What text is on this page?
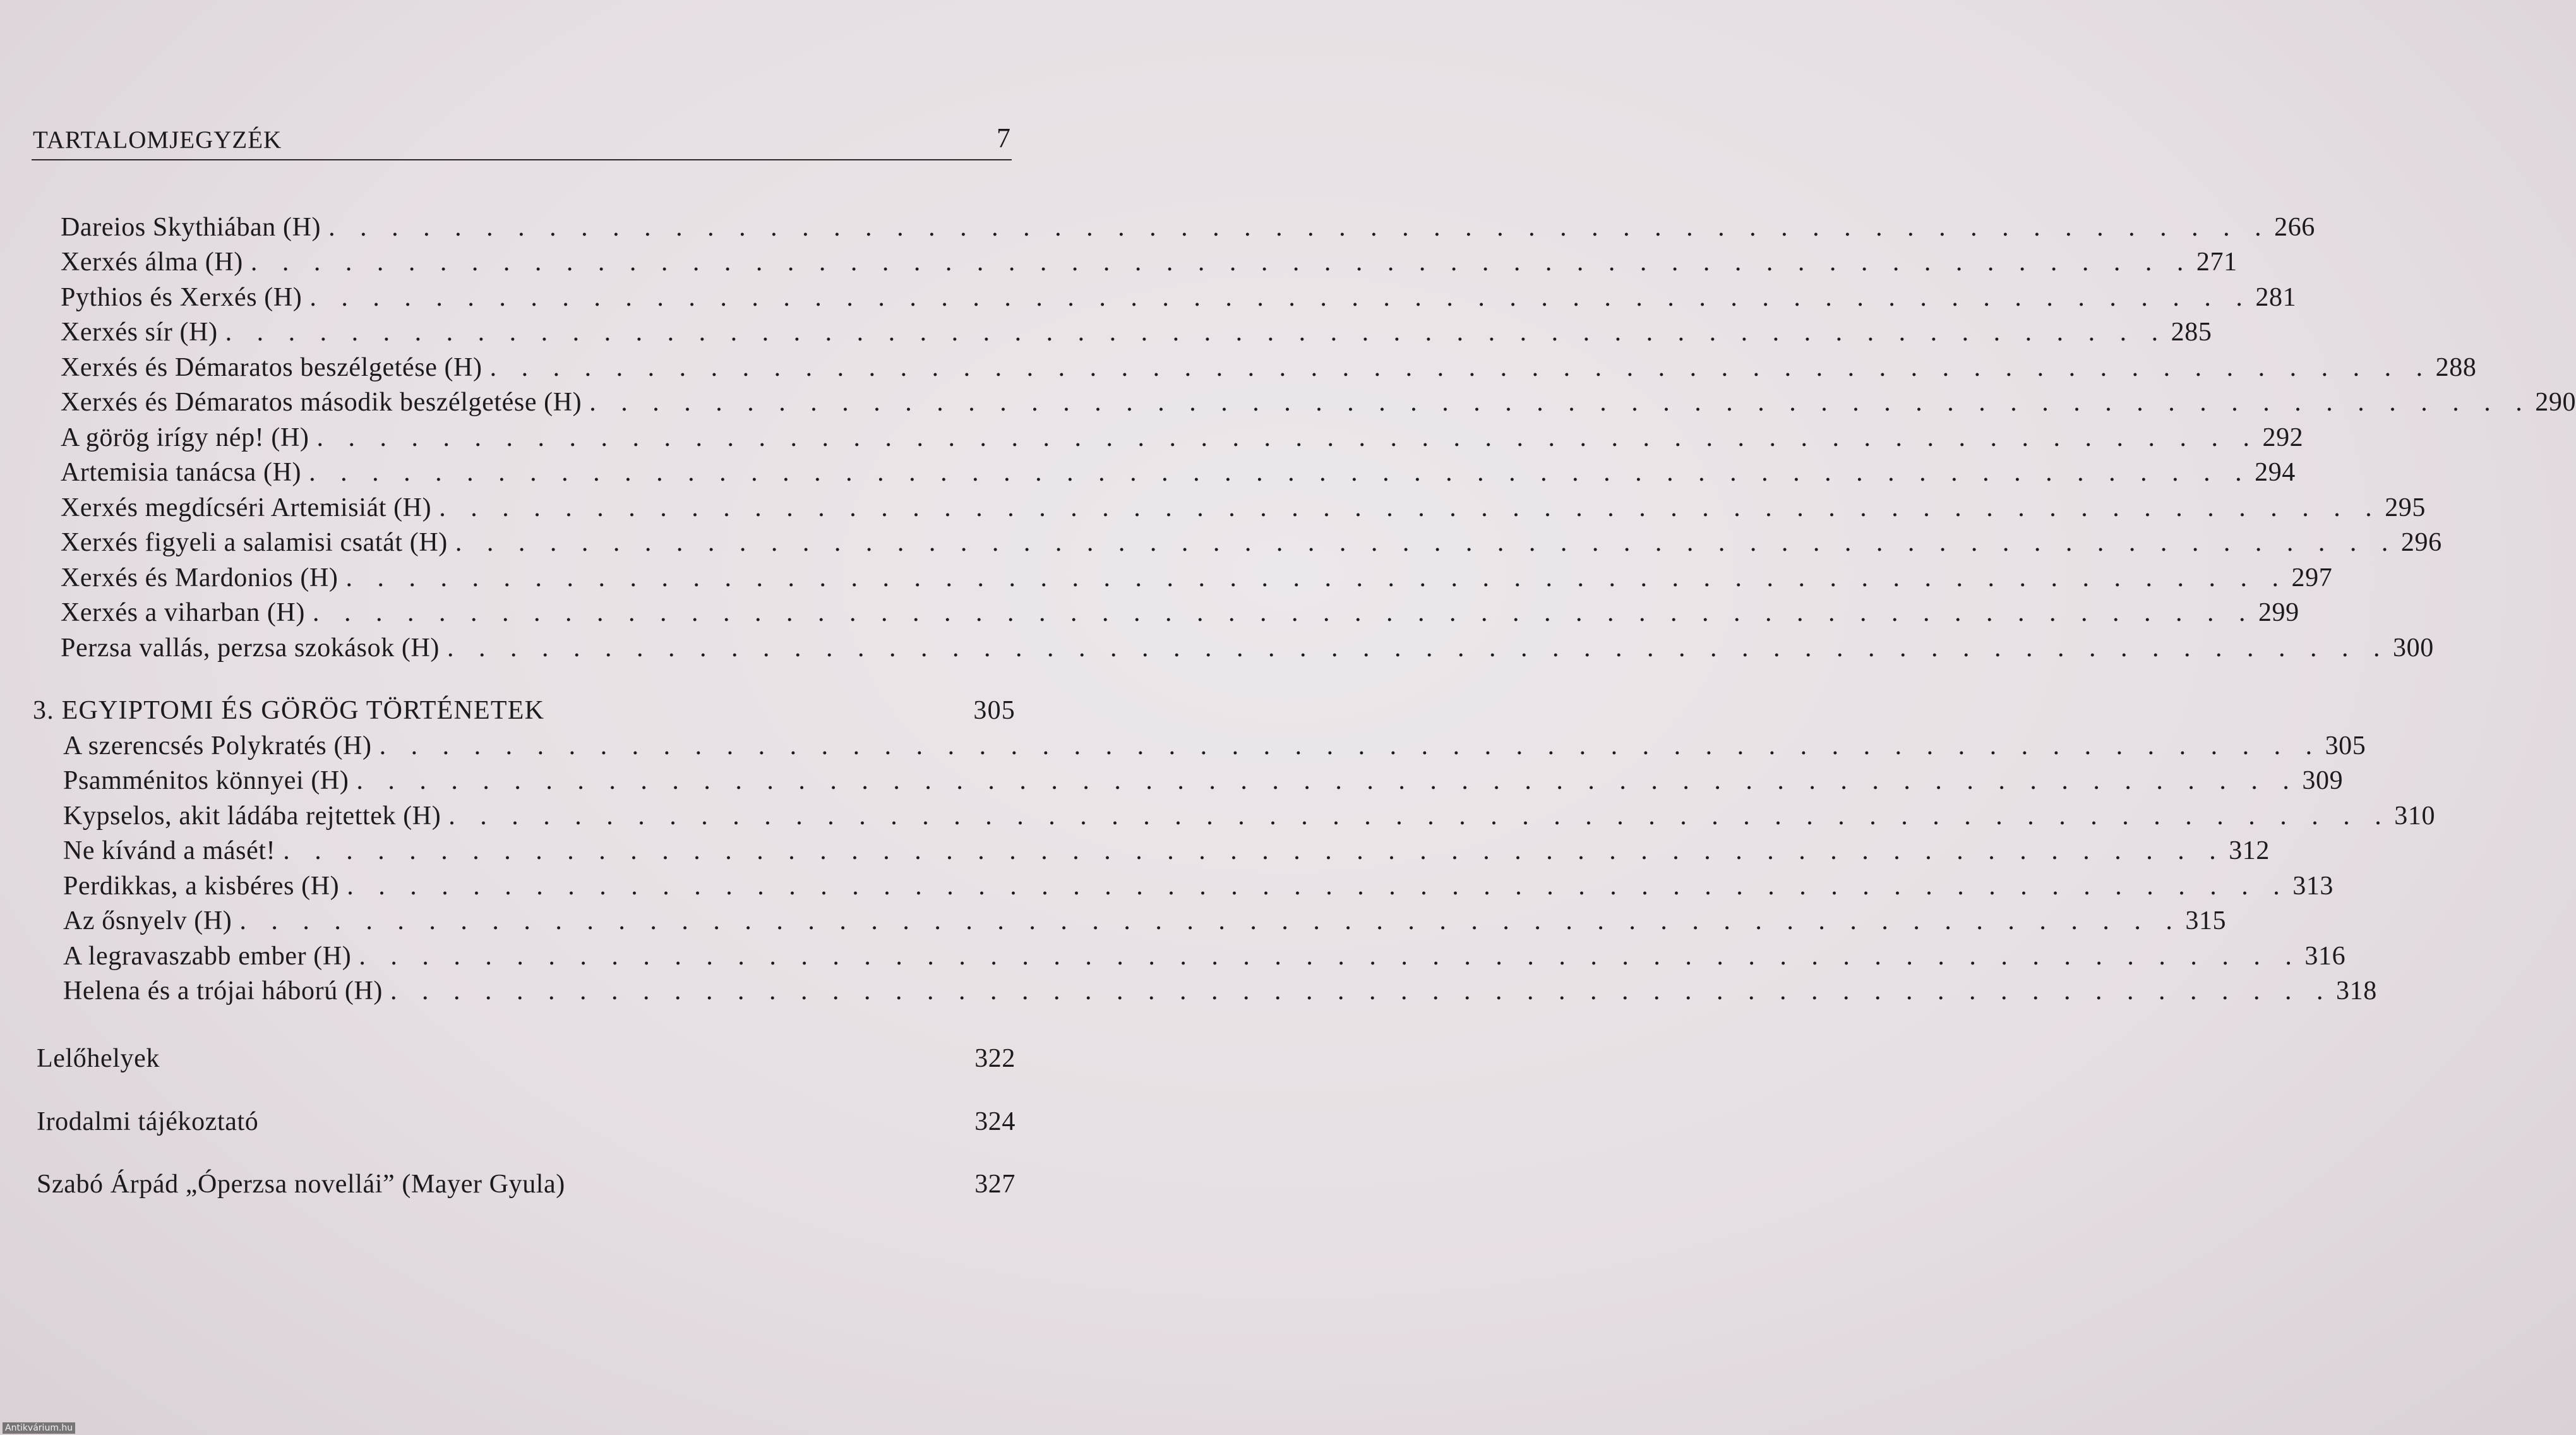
TARTALOMJEGYZÉK	7
Dareios Skythiában (H) . . . . . . . . . . . . . . . . . . . . . . . . . . . . . . . . . . . . . . . . . . . . . . . . . . . . . . . . . . . . . . 266
Xerxés álma (H) . . . . . . . . . . . . . . . . . . . . . . . . . . . . . . . . . . . . . . . . . . . . . . . . . . . . . . . . . . . . . . 271
Pythios és Xerxés (H) . . . . . . . . . . . . . . . . . . . . . . . . . . . . . . . . . . . . . . . . . . . . . . . . . . . . . . . . . . . . . . 281
Xerxés sír (H) . . . . . . . . . . . . . . . . . . . . . . . . . . . . . . . . . . . . . . . . . . . . . . . . . . . . . . . . . . . . . . 285
Xerxés és Démaratos beszélgetése (H) . . . . . . . . . . . . . . . . . . . . . . . . . . . . . . . . . . . . . . . . . . . . . . . . . . . . . . . . . . . . . . 288
Xerxés és Démaratos második beszélgetése (H) . . . . . . . . . . . . . . . . . . . . . . . . . . . . . . . . . . . . . . . . . . . . . . . . . . . . . . . . . . . . . . 290
A görög irígy nép! (H) . . . . . . . . . . . . . . . . . . . . . . . . . . . . . . . . . . . . . . . . . . . . . . . . . . . . . . . . . . . . . . 292
Artemisia tanácsa (H) . . . . . . . . . . . . . . . . . . . . . . . . . . . . . . . . . . . . . . . . . . . . . . . . . . . . . . . . . . . . . . 294
Xerxés megdícséri Artemisiát (H) . . . . . . . . . . . . . . . . . . . . . . . . . . . . . . . . . . . . . . . . . . . . . . . . . . . . . . . . . . . . . . 295
Xerxés figyeli a salamisi csatát (H) . . . . . . . . . . . . . . . . . . . . . . . . . . . . . . . . . . . . . . . . . . . . . . . . . . . . . . . . . . . . . . 296
Xerxés és Mardonios (H) . . . . . . . . . . . . . . . . . . . . . . . . . . . . . . . . . . . . . . . . . . . . . . . . . . . . . . . . . . . . . . 297
Xerxés a viharban (H) . . . . . . . . . . . . . . . . . . . . . . . . . . . . . . . . . . . . . . . . . . . . . . . . . . . . . . . . . . . . . . 299
Perzsa vallás, perzsa szokások (H) . . . . . . . . . . . . . . . . . . . . . . . . . . . . . . . . . . . . . . . . . . . . . . . . . . . . . . . . . . . . . . 300
3. EGYIPTOMI ÉS GÖRÖG TÖRTÉNETEK	305
A szerencsés Polykratés (H) . . . . . . . . . . . . . . . . . . . . . . . . . . . . . . . . . . . . . . . . . . . . . . . . . . . . . . . . . . . . . . 305
Psamménitos könnyei (H) . . . . . . . . . . . . . . . . . . . . . . . . . . . . . . . . . . . . . . . . . . . . . . . . . . . . . . . . . . . . . . 309
Kypselos, akit ládába rejtettek (H) . . . . . . . . . . . . . . . . . . . . . . . . . . . . . . . . . . . . . . . . . . . . . . . . . . . . . . . . . . . . . . 310
Ne kívánd a másét! . . . . . . . . . . . . . . . . . . . . . . . . . . . . . . . . . . . . . . . . . . . . . . . . . . . . . . . . . . . . . . 312
Perdikkas, a kisbéres (H) . . . . . . . . . . . . . . . . . . . . . . . . . . . . . . . . . . . . . . . . . . . . . . . . . . . . . . . . . . . . . . 313
Az ősnyelv (H) . . . . . . . . . . . . . . . . . . . . . . . . . . . . . . . . . . . . . . . . . . . . . . . . . . . . . . . . . . . . . . 315
A legravaszabb ember (H) . . . . . . . . . . . . . . . . . . . . . . . . . . . . . . . . . . . . . . . . . . . . . . . . . . . . . . . . . . . . . . 316
Helena és a trójai háború (H) . . . . . . . . . . . . . . . . . . . . . . . . . . . . . . . . . . . . . . . . . . . . . . . . . . . . . . . . . . . . . . 318
Lelőhelyek	322
Irodalmi tájékoztató	324
Szabó Árpád „Óperzsa novellái” (Mayer Gyula)	327
Antikvárium.hu
